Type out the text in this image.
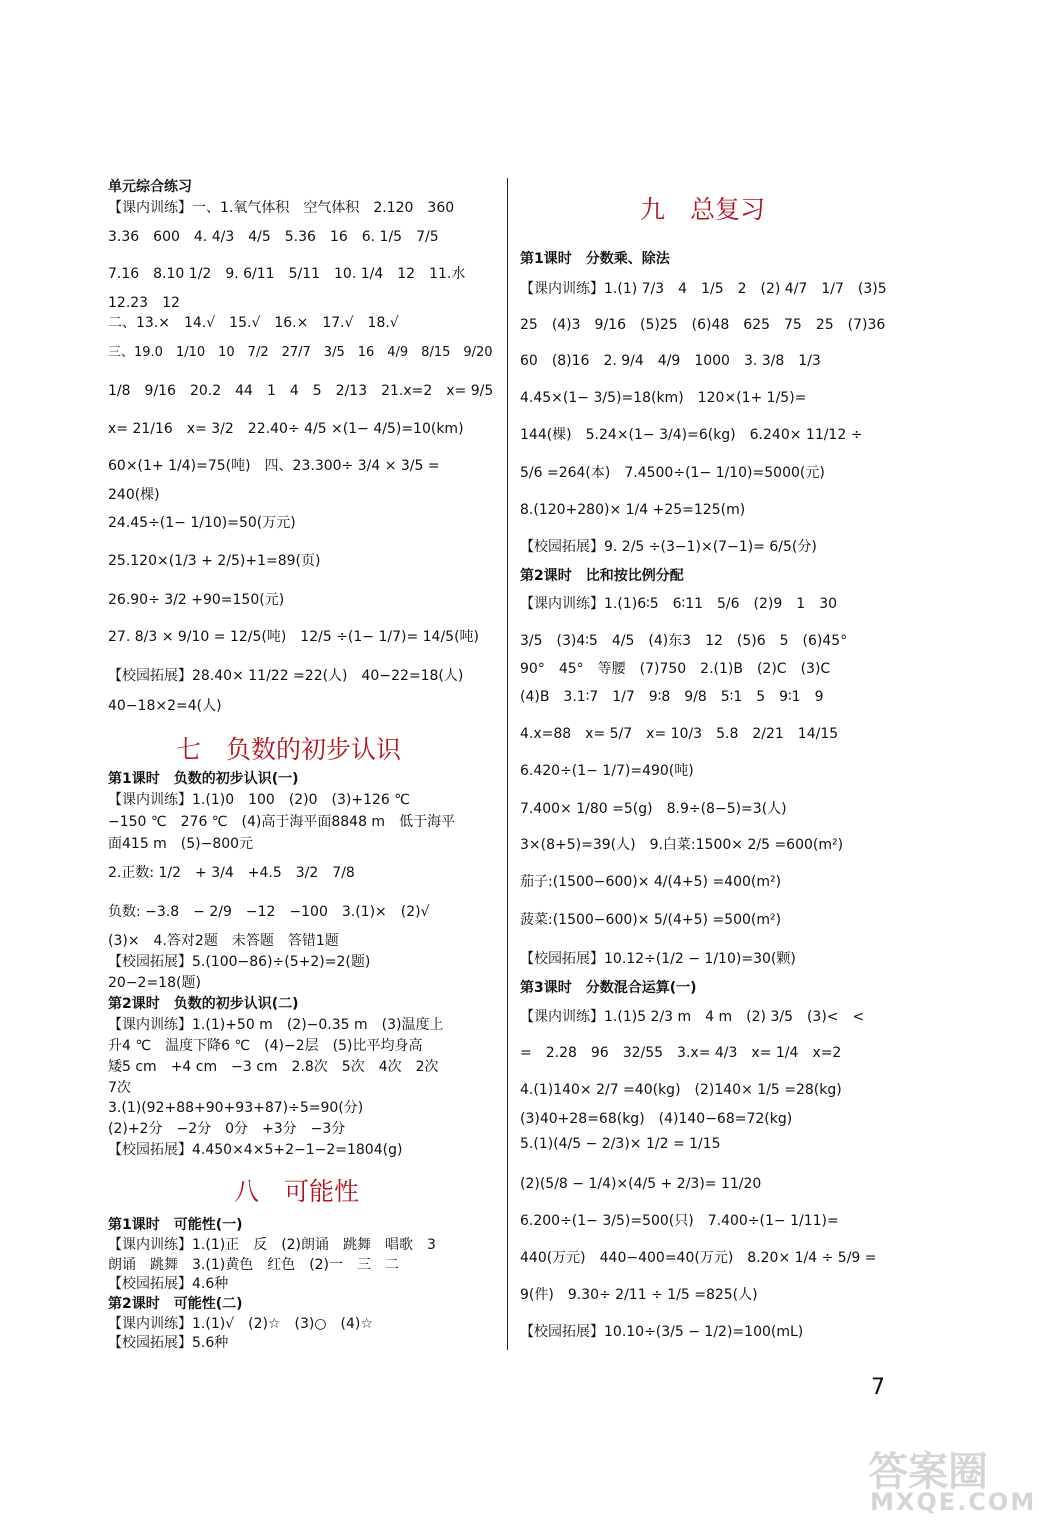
七　负数的初步认识
八　可能性
单元综合练习
【课内训练】一、1.氧气体积　空气体积　2.120　360
3.36　600　4. 4/3　4/5　5.36　16　6. 1/5　7/5
7.16　8.10 1/2　9. 6/11　5/11　10. 1/4　12　11.水
12.23　12
二、13.×　14.√　15.√　16.×　17.√　18.√
三、19.0　1/10　10　7/2　27/7　3/5　16　4/9　8/15　9/20
1/8　9/16　20.2　44　1　4　5　2/13　21.x=2　x= 9/5
x= 21/16　x= 3/2　22.40÷ 4/5 ×(1− 4/5)=10(km)
60×(1+ 1/4)=75(吨)　四、23.300÷ 3/4 × 3/5 =
240(棵)
24.45÷(1− 1/10)=50(万元)
25.120×(1/3 + 2/5)+1=89(页)
26.90÷ 3/2 +90=150(元)
27. 8/3 × 9/10 = 12/5(吨)　12/5 ÷(1− 1/7)= 14/5(吨)
【校园拓展】28.40× 11/22 =22(人)　40−22=18(人)
40−18×2=4(人)
第1课时　负数的初步认识(一)
【课内训练】1.(1)0　100　(2)0　(3)+126 ℃
−150 ℃　276 ℃　(4)高于海平面8848 m　低于海平
面415 m　(5)−800元
2.正数: 1/2　+ 3/4　+4.5　3/2　7/8
负数: −3.8　− 2/9　−12　−100　3.(1)×　(2)√
(3)×　4.答对2题　未答题　答错1题
【校园拓展】5.(100−86)÷(5+2)=2(题)
20−2=18(题)
第2课时　负数的初步认识(二)
【课内训练】1.(1)+50 m　(2)−0.35 m　(3)温度上
升4 ℃　温度下降6 ℃　(4)−2层　(5)比平均身高
矮5 cm　+4 cm　−3 cm　2.8次　5次　4次　2次
7次
3.(1)(92+88+90+93+87)÷5=90(分)
(2)+2分　−2分　0分　+3分　−3分
【校园拓展】4.450×4×5+2−1−2=1804(g)
第1课时　可能性(一)
【课内训练】1.(1)正　反　(2)朗诵　跳舞　唱歌　3
朗诵　跳舞　3.(1)黄色　红色　(2)一　三　二
【校园拓展】4.6种
第2课时　可能性(二)
【课内训练】1.(1)√　(2)☆　(3)○　(4)☆
【校园拓展】5.6种
九　总复习
第1课时　分数乘、除法
【课内训练】1.(1) 7/3　4　1/5　2　(2) 4/7　1/7　(3)5
25　(4)3　9/16　(5)25　(6)48　625　75　25　(7)36
60　(8)16　2. 9/4　4/9　1000　3. 3/8　1/3
4.45×(1− 3/5)=18(km)　120×(1+ 1/5)=
144(棵)　5.24×(1− 3/4)=6(kg)　6.240× 11/12 ÷
5/6 =264(本)　7.4500÷(1− 1/10)=5000(元)
8.(120+280)× 1/4 +25=125(m)
【校园拓展】9. 2/5 ÷(3−1)×(7−1)= 6/5(分)
第2课时　比和按比例分配
【课内训练】1.(1)6∶5　6∶11　5/6　(2)9　1　30
3/5　(3)4∶5　4/5　(4)东3　12　(5)6　5　(6)45°
90°　45°　等腰　(7)750　2.(1)B　(2)C　(3)C
(4)B　3.1∶7　1/7　9∶8　9/8　5∶1　5　9∶1　9
4.x=88　x= 5/7　x= 10/3　5.8　2/21　14/15
6.420÷(1− 1/7)=490(吨)
7.400× 1/80 =5(g)　8.9÷(8−5)=3(人)
3×(8+5)=39(人)　9.白菜:1500× 2/5 =600(m²)
茄子:(1500−600)× 4/(4+5) =400(m²)
菠菜:(1500−600)× 5/(4+5) =500(m²)
【校园拓展】10.12÷(1/2 − 1/10)=30(颗)
第3课时　分数混合运算(一)
【课内训练】1.(1)5 2/3 m　4 m　(2) 3/5　(3)<　<
=　2.28　96　32/55　3.x= 4/3　x= 1/4　x=2
4.(1)140× 2/7 =40(kg)　(2)140× 1/5 =28(kg)
(3)40+28=68(kg)　(4)140−68=72(kg)
5.(1)(4/5 − 2/3)× 1/2 = 1/15
(2)(5/8 − 1/4)×(4/5 + 2/3)= 11/20
6.200÷(1− 3/5)=500(只)　7.400÷(1− 1/11)=
440(万元)　440−400=40(万元)　8.20× 1/4 ÷ 5/9 =
9(件)　9.30÷ 2/11 ÷ 1/5 =825(人)
【校园拓展】10.10÷(3/5 − 1/2)=100(mL)
7
答案圈
MXQE.COM
